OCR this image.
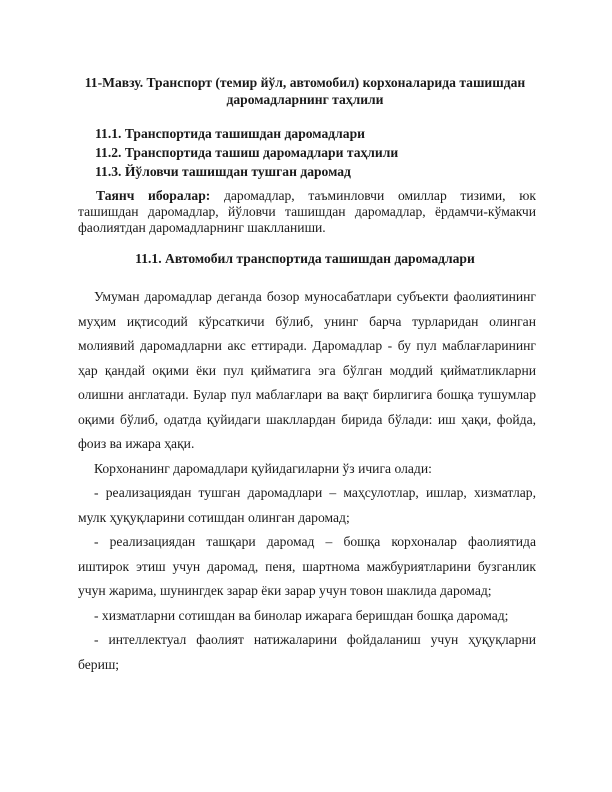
11-Мавзу. Транспорт (темир йўл, автомобил) корхоналарида ташишдан даромадларнинг таҳлили
11.1. Транспортида ташишдан даромадлари
11.2. Транспортида ташиш даромадлари таҳлили
11.3. Йўловчи ташишдан тушган даромад
Таянч иборалар: даромадлар, таъминловчи омиллар тизими, юк ташишдан даромадлар, йўловчи ташишдан даромадлар, ёрдамчи-кўмакчи фаолиятдан даромадларнинг шаклланиши.
11.1. Автомобил транспортида ташишдан даромадлари

Умуман даромадлар деганда бозор муносабатлари субъекти фаолиятининг муҳим иқтисодий кўрсаткичи бўлиб, унинг барча турларидан олинган молиявий даромадларни акс еттиради. Даромадлар - бу пул маблағларининг ҳар қандай оқими ёки пул қийматига эга бўлган моддий қийматликларни олишни англатади. Булар пул маблағлари ва вақт бирлигига бошқа тушумлар оқими бўлиб, одатда қуйидаги шакллардан бирида бўлади: иш ҳақи, фойда, фоиз ва ижара ҳақи.

Корхонанинг даромадлари қуйидагиларни ўз ичига олади:

- реализациядан тушган даромадлари – маҳсулотлар, ишлар, хизматлар, мулк ҳуқуқларини сотишдан олинган даромад;

- реализациядан ташқари даромад – бошқа корхоналар фаолиятида иштирок этиш учун даромад, пеня, шартнома мажбуриятларини бузганлик учун жарима, шунингдек зарар ёки зарар учун товон шаклида даромад;

- хизматларни сотишдан ва бинолар ижарага беришдан бошқа даромад;

- интеллектуал фаолият натижаларини фойдаланиш учун ҳуқуқларни бериш;
